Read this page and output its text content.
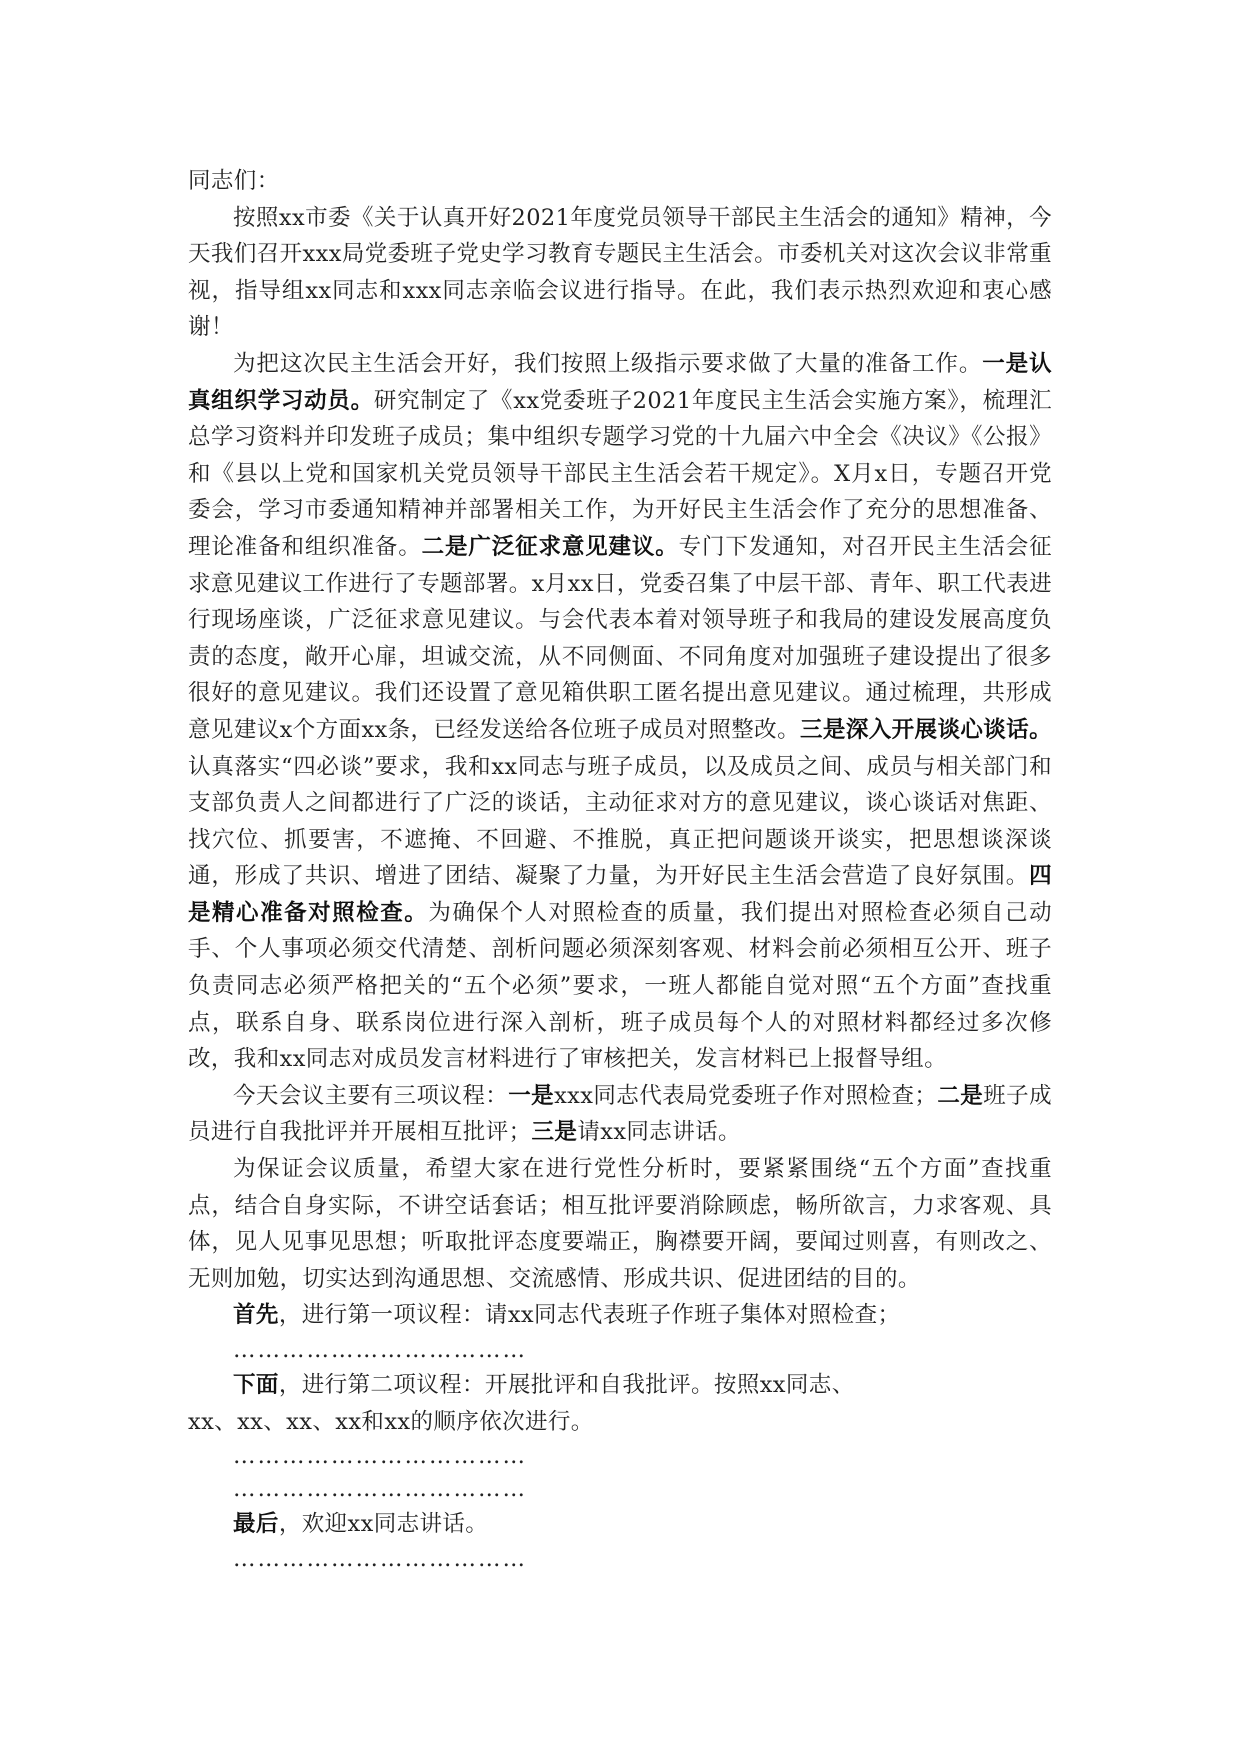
同志们：

按照xx市委《关于认真开好2021年度党员领导干部民主生活会的通知》精神，今天我们召开xxx局党委班子党史学习教育专题民主生活会。市委机关对这次会议非常重视，指导组xx同志和xxx同志亲临会议进行指导。在此，我们表示热烈欢迎和衷心感谢！

为把这次民主生活会开好，我们按照上级指示要求做了大量的准备工作。一是认真组织学习动员。研究制定了《xx党委班子2021年度民主生活会实施方案》，梳理汇总学习资料并印发班子成员；集中组织专题学习党的十九届六中全会《决议》《公报》和《县以上党和国家机关党员领导干部民主生活会若干规定》。X月x日，专题召开党委会，学习市委通知精神并部署相关工作，为开好民主生活会作了充分的思想准备、理论准备和组织准备。二是广泛征求意见建议。专门下发通知，对召开民主生活会征求意见建议工作进行了专题部署。x月xx日，党委召集了中层干部、青年、职工代表进行现场座谈，广泛征求意见建议。与会代表本着对领导班子和我局的建设发展高度负责的态度，敞开心扉，坦诚交流，从不同侧面、不同角度对加强班子建设提出了很多很好的意见建议。我们还设置了意见箱供职工匿名提出意见建议。通过梳理，共形成意见建议x个方面xx条，已经发送给各位班子成员对照整改。三是深入开展谈心谈话。认真落实“四必谈”要求，我和xx同志与班子成员，以及成员之间、成员与相关部门和支部负责人之间都进行了广泛的谈话，主动征求对方的意见建议，谈心谈话对焦距、找穴位、抓要害，不遮掩、不回避、不推脱，真正把问题谈开谈实，把思想谈深谈通，形成了共识、增进了团结、凝聚了力量，为开好民主生活会营造了良好氛围。四是精心准备对照检查。为确保个人对照检查的质量，我们提出对照检查必须自己动手、个人事项必须交代清楚、剖析问题必须深刻客观、材料会前必须相互公开、班子负责同志必须严格把关的“五个必须”要求，一班人都能自觉对照“五个方面”查找重点，联系自身、联系岗位进行深入剖析，班子成员每个人的对照材料都经过多次修改，我和xx同志对成员发言材料进行了审核把关，发言材料已上报督导组。

今天会议主要有三项议程：一是xxx同志代表局党委班子作对照检查；二是班子成员进行自我批评并开展相互批评；三是请xx同志讲话。

为保证会议质量，希望大家在进行党性分析时，要紧紧围绕“五个方面”查找重点，结合自身实际，不讲空话套话；相互批评要消除顾虑，畅所欲言，力求客观、具体，见人见事见思想；听取批评态度要端正，胸襟要开阔，要闻过则喜，有则改之、无则加勉，切实达到沟通思想、交流感情、形成共识、促进团结的目的。

首先，进行第一项议程：请xx同志代表班子作班子集体对照检查；

………………………………

下面，进行第二项议程：开展批评和自我批评。按照xx同志、

xx、xx、xx、xx和xx的顺序依次进行。

………………………………
………………………………

最后，欢迎xx同志讲话。

………………………………
